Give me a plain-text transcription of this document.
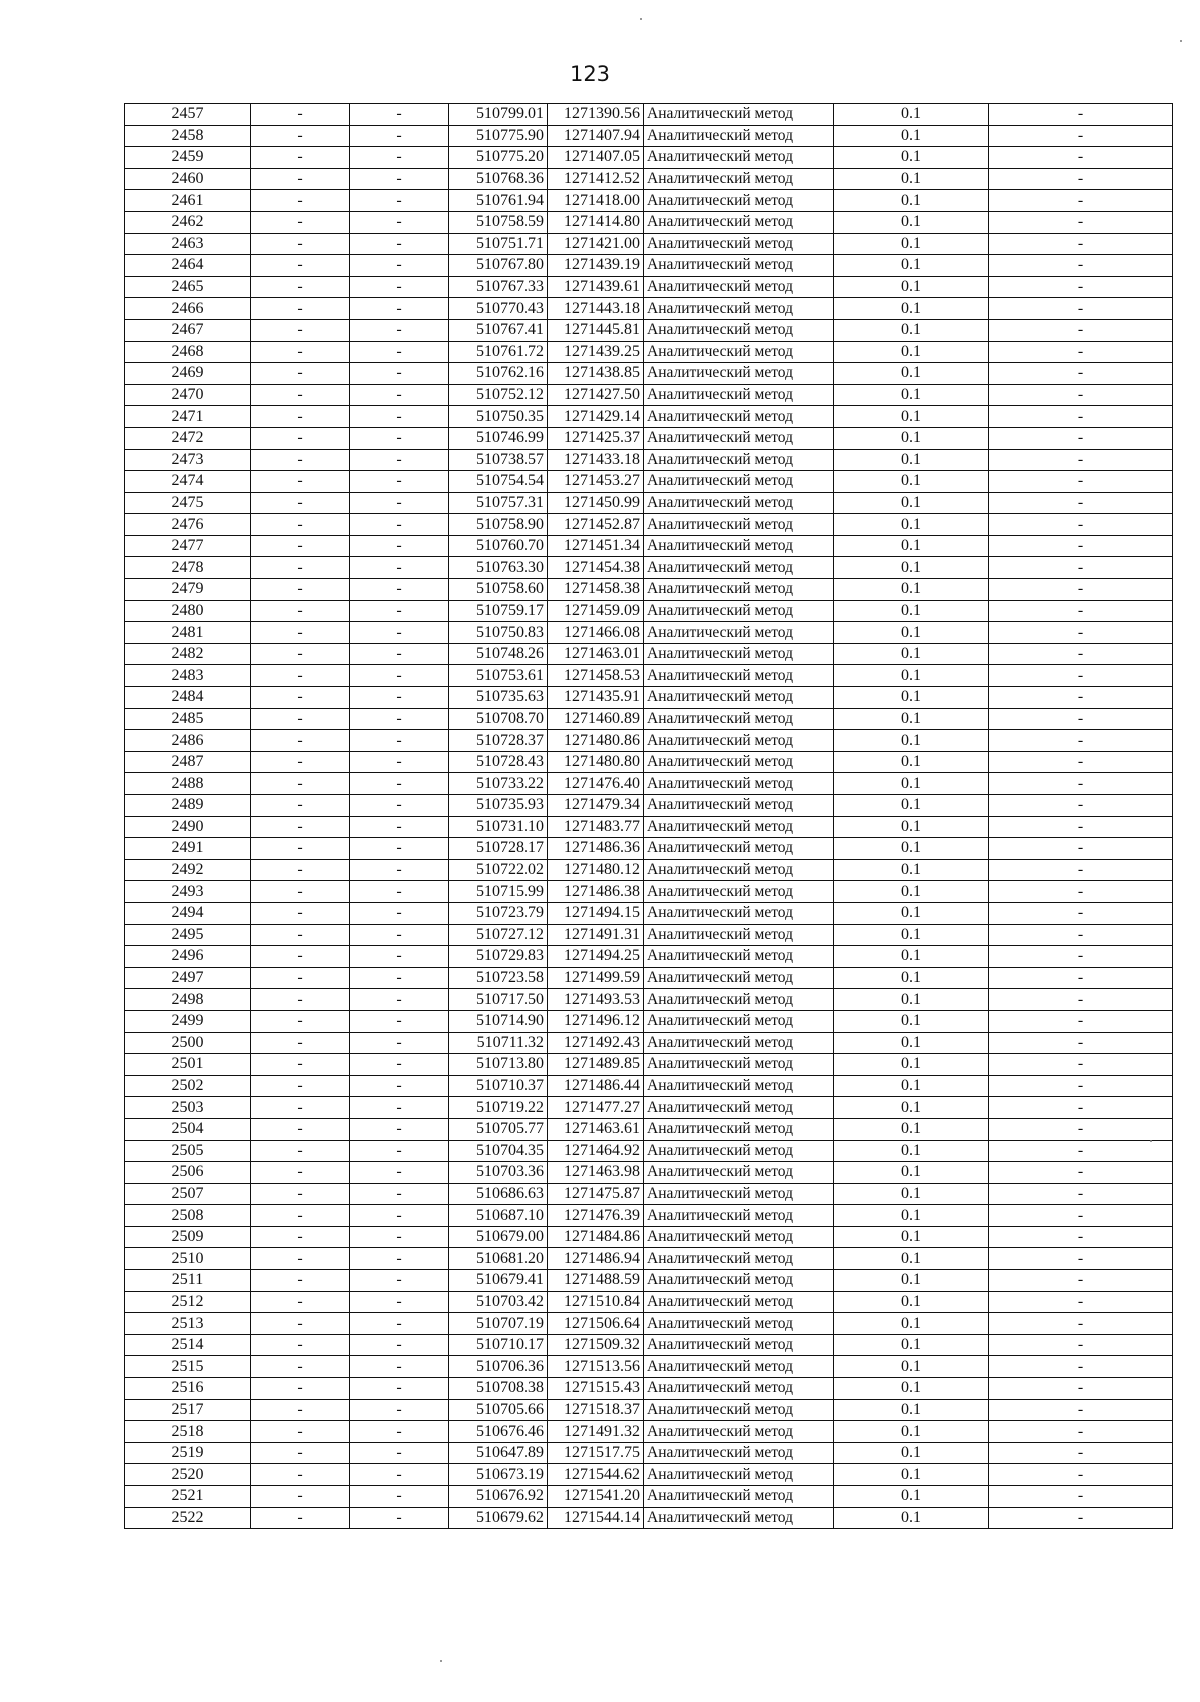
123
2457	-	-	510799.01	1271390.56	Аналитический метод	0.1	-
2458	-	-	510775.90	1271407.94	Аналитический метод	0.1	-
2459	-	-	510775.20	1271407.05	Аналитический метод	0.1	-
2460	-	-	510768.36	1271412.52	Аналитический метод	0.1	-
2461	-	-	510761.94	1271418.00	Аналитический метод	0.1	-
2462	-	-	510758.59	1271414.80	Аналитический метод	0.1	-
2463	-	-	510751.71	1271421.00	Аналитический метод	0.1	-
2464	-	-	510767.80	1271439.19	Аналитический метод	0.1	-
2465	-	-	510767.33	1271439.61	Аналитический метод	0.1	-
2466	-	-	510770.43	1271443.18	Аналитический метод	0.1	-
2467	-	-	510767.41	1271445.81	Аналитический метод	0.1	-
2468	-	-	510761.72	1271439.25	Аналитический метод	0.1	-
2469	-	-	510762.16	1271438.85	Аналитический метод	0.1	-
2470	-	-	510752.12	1271427.50	Аналитический метод	0.1	-
2471	-	-	510750.35	1271429.14	Аналитический метод	0.1	-
2472	-	-	510746.99	1271425.37	Аналитический метод	0.1	-
2473	-	-	510738.57	1271433.18	Аналитический метод	0.1	-
2474	-	-	510754.54	1271453.27	Аналитический метод	0.1	-
2475	-	-	510757.31	1271450.99	Аналитический метод	0.1	-
2476	-	-	510758.90	1271452.87	Аналитический метод	0.1	-
2477	-	-	510760.70	1271451.34	Аналитический метод	0.1	-
2478	-	-	510763.30	1271454.38	Аналитический метод	0.1	-
2479	-	-	510758.60	1271458.38	Аналитический метод	0.1	-
2480	-	-	510759.17	1271459.09	Аналитический метод	0.1	-
2481	-	-	510750.83	1271466.08	Аналитический метод	0.1	-
2482	-	-	510748.26	1271463.01	Аналитический метод	0.1	-
2483	-	-	510753.61	1271458.53	Аналитический метод	0.1	-
2484	-	-	510735.63	1271435.91	Аналитический метод	0.1	-
2485	-	-	510708.70	1271460.89	Аналитический метод	0.1	-
2486	-	-	510728.37	1271480.86	Аналитический метод	0.1	-
2487	-	-	510728.43	1271480.80	Аналитический метод	0.1	-
2488	-	-	510733.22	1271476.40	Аналитический метод	0.1	-
2489	-	-	510735.93	1271479.34	Аналитический метод	0.1	-
2490	-	-	510731.10	1271483.77	Аналитический метод	0.1	-
2491	-	-	510728.17	1271486.36	Аналитический метод	0.1	-
2492	-	-	510722.02	1271480.12	Аналитический метод	0.1	-
2493	-	-	510715.99	1271486.38	Аналитический метод	0.1	-
2494	-	-	510723.79	1271494.15	Аналитический метод	0.1	-
2495	-	-	510727.12	1271491.31	Аналитический метод	0.1	-
2496	-	-	510729.83	1271494.25	Аналитический метод	0.1	-
2497	-	-	510723.58	1271499.59	Аналитический метод	0.1	-
2498	-	-	510717.50	1271493.53	Аналитический метод	0.1	-
2499	-	-	510714.90	1271496.12	Аналитический метод	0.1	-
2500	-	-	510711.32	1271492.43	Аналитический метод	0.1	-
2501	-	-	510713.80	1271489.85	Аналитический метод	0.1	-
2502	-	-	510710.37	1271486.44	Аналитический метод	0.1	-
2503	-	-	510719.22	1271477.27	Аналитический метод	0.1	-
2504	-	-	510705.77	1271463.61	Аналитический метод	0.1	-
2505	-	-	510704.35	1271464.92	Аналитический метод	0.1	-
2506	-	-	510703.36	1271463.98	Аналитический метод	0.1	-
2507	-	-	510686.63	1271475.87	Аналитический метод	0.1	-
2508	-	-	510687.10	1271476.39	Аналитический метод	0.1	-
2509	-	-	510679.00	1271484.86	Аналитический метод	0.1	-
2510	-	-	510681.20	1271486.94	Аналитический метод	0.1	-
2511	-	-	510679.41	1271488.59	Аналитический метод	0.1	-
2512	-	-	510703.42	1271510.84	Аналитический метод	0.1	-
2513	-	-	510707.19	1271506.64	Аналитический метод	0.1	-
2514	-	-	510710.17	1271509.32	Аналитический метод	0.1	-
2515	-	-	510706.36	1271513.56	Аналитический метод	0.1	-
2516	-	-	510708.38	1271515.43	Аналитический метод	0.1	-
2517	-	-	510705.66	1271518.37	Аналитический метод	0.1	-
2518	-	-	510676.46	1271491.32	Аналитический метод	0.1	-
2519	-	-	510647.89	1271517.75	Аналитический метод	0.1	-
2520	-	-	510673.19	1271544.62	Аналитический метод	0.1	-
2521	-	-	510676.92	1271541.20	Аналитический метод	0.1	-
2522	-	-	510679.62	1271544.14	Аналитический метод	0.1	-
